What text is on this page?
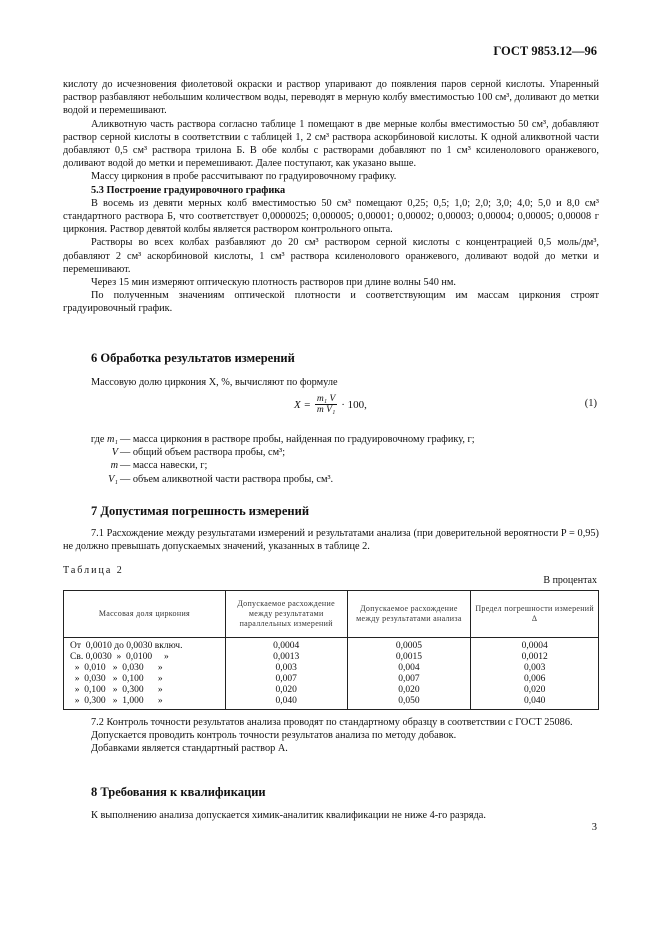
ГОСТ 9853.12—96

кислоту до исчезновения фиолетовой окраски и раствор упаривают до появления паров серной кислоты. Упаренный раствор разбавляют небольшим количеством воды, переводят в мерную колбу вместимостью 100 см³, доливают до метки водой и перемешивают.

Аликвотную часть раствора согласно таблице 1 помещают в две мерные колбы вместимостью 50 см³, добавляют раствор серной кислоты в соответствии с таблицей 1, 2 см³ раствора аскорбиновой кислоты. К одной аликвотной части добавляют 0,5 см³ раствора трилона Б. В обе колбы с растворами добавляют по 1 см³ ксиленолового оранжевого, доливают водой до метки и перемешивают. Далее поступают, как указано выше.

Массу циркония в пробе рассчитывают по градуировочному графику.

5.3 Построение градуировочного графика

В восемь из девяти мерных колб вместимостью 50 см³ помещают 0,25; 0,5; 1,0; 2,0; 3,0; 4,0; 5,0 и 8,0 см³ стандартного раствора Б, что соответствует 0,0000025; 0,000005; 0,00001; 0,00002; 0,00003; 0,00004; 0,00005; 0,00008 г циркония. Раствор девятой колбы является раствором контрольного опыта.

Растворы во всех колбах разбавляют до 20 см³ раствором серной кислоты с концентрацией 0,5 моль/дм³, добавляют 2 см³ аскорбиновой кислоты, 1 см³ раствора ксиленолового оранжевого, доливают водой до метки и перемешивают.

Через 15 мин измеряют оптическую плотность растворов при длине волны 540 нм.

По полученным значениям оптической плотности и соответствующим им массам циркония строят градуировочный график.

6 Обработка результатов измерений

Массовую долю циркония X, %, вычисляют по формуле

$X = \frac{\text{m₁ V}}{\text{m V₁}} \cdot 100$,	(1)
где m₁ — масса циркония в растворе пробы, найденная по градуировочному графику, г;
V — общий объем раствора пробы, см³;
m — масса навески, г;
V₁ — объем аликвотной части раствора пробы, см³.
7 Допустимая погрешность измерений

7.1 Расхождение между результатами измерений и результатами анализа (при доверительной вероятности P = 0,95) не должно превышать допускаемых значений, указанных в таблице 2.

Таблица 2
В процентах
Массовая доля циркония	Допускаемое расхождение между результатами параллельных измерений	Допускаемое расхождение между результатами анализа	Предел погрешности измерений Δ
От  0,0010 до 0,0030 включ.	0,0004	0,0005	0,0004
Св. 0,0030  »  0,0100     »	0,0013	0,0015	0,0012
»  0,010   »  0,030      »	0,003	0,004	0,003
»  0,030   »  0,100      »	0,007	0,007	0,006
»  0,100   »  0,300      »	0,020	0,020	0,020
»  0,300   »  1,000      »	0,040	0,050	0,040

7.2 Контроль точности результатов анализа проводят по стандартному образцу в соответствии с ГОСТ 25086.

Допускается проводить контроль точности результатов анализа по методу добавок.

Добавками является стандартный раствор А.

8 Требования к квалификации

К выполнению анализа допускается химик-аналитик квалификации не ниже 4-го разряда.

3
